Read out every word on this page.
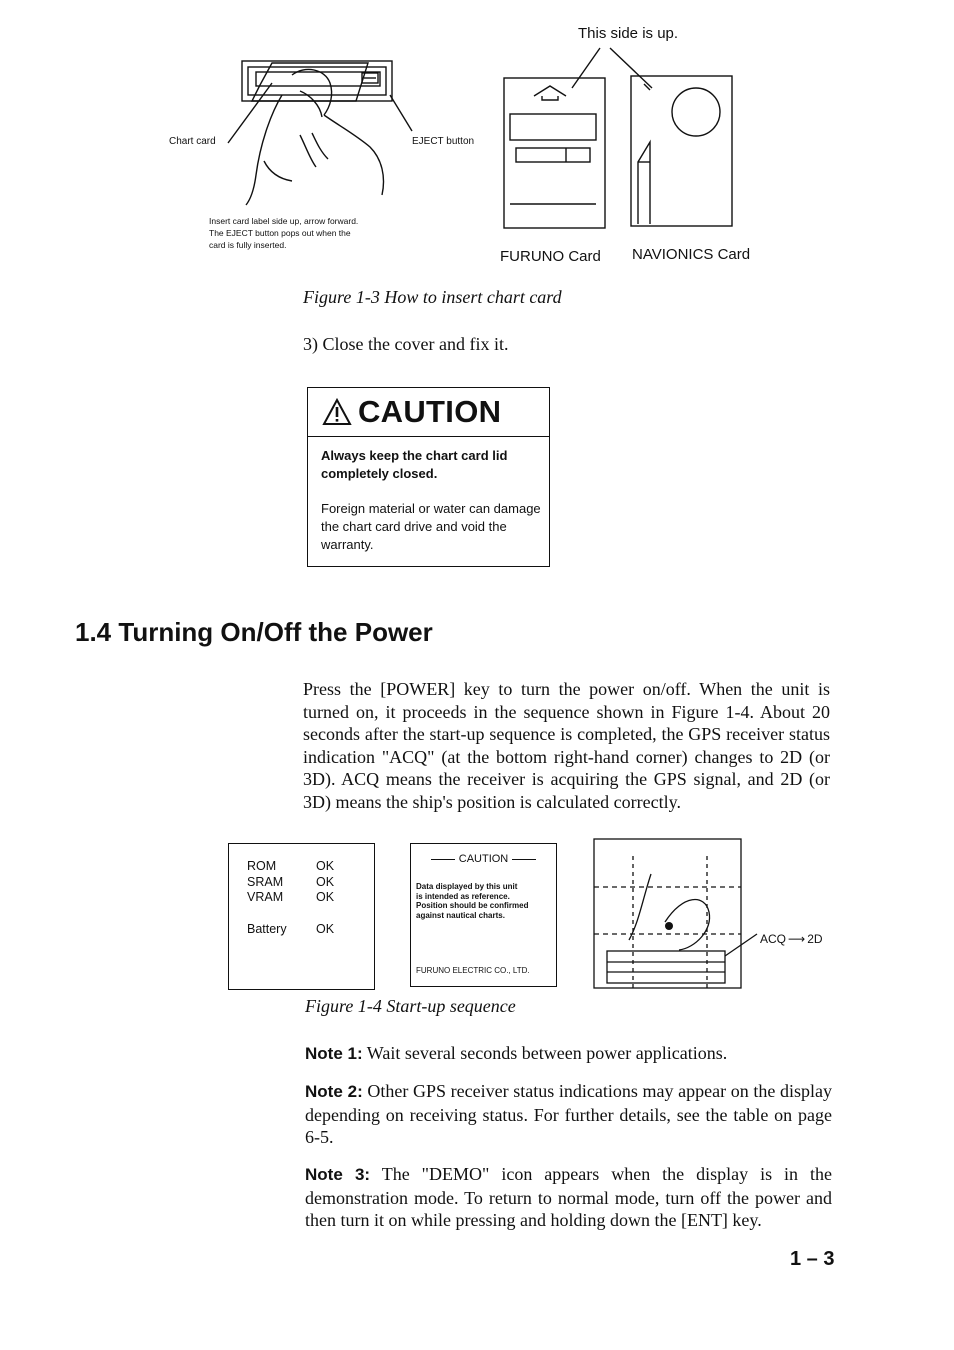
This side is up.
Chart card	EJECT button
Insert card label side up, arrow forward.
The EJECT button pops out when the
card is fully inserted.
FURUNO Card NAVIONICS Card
Figure 1-3 How to insert chart card
3) Close the cover and fix it.
CAUTION
Always keep the chart card lid completely closed.
Foreign material or water can damage the chart card drive and void the warranty.
1.4 Turning On/Off the Power
Press the [POWER] key to turn the power on/off. When the unit is turned on, it proceeds in the sequence shown in Figure 1-4. About 20 seconds after the start-up sequence is completed, the GPS receiver status indication "ACQ" (at the bottom right-hand corner) changes to 2D (or 3D). ACQ means the receiver is acquiring the GPS signal, and 2D (or 3D) means the ship's position is calculated correctly.
ROM	OK
SRAM	OK
VRAM	OK
Battery	OK
CAUTION
Data displayed by this unit
is intended as reference.
Position should be confirmed
against nautical charts.
FURUNO ELECTRIC CO., LTD.
ACQ ⟶ 2D
Figure 1-4 Start-up sequence
Note 1: Wait several seconds between power applications.
Note 2: Other GPS receiver status indications may appear on the display depending on receiving status. For further details, see the table on page 6-5.
Note 3: The "DEMO" icon appears when the display is in the demonstration mode. To return to normal mode, turn off the power and then turn it on while pressing and holding down the [ENT] key.
1 – 3
